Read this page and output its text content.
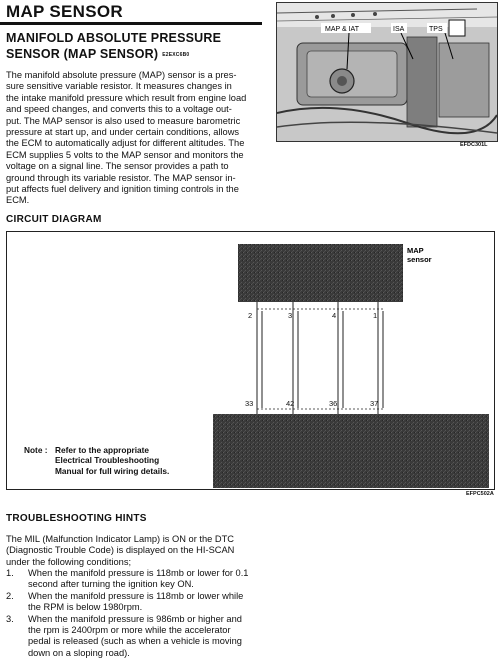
MAP SENSOR
MANIFOLD ABSOLUTE PRESSURE
SENSOR (MAP SENSOR) E2EXC6B0
The manifold absolute pressure (MAP) sensor is a pres-
sure sensitive variable resistor. It measures changes in
the intake manifold pressure which result from engine load
and speed changes, and converts this to a voltage out-
put. The MAP sensor is also used to measure barometric
pressure at start up, and under certain conditions, allows
the ECM to automatically adjust for different altitudes. The
ECM supplies 5 volts to the MAP sensor and monitors the
voltage on a signal line. The sensor provides a path to
ground through its variable resistor. The MAP sensor in-
put affects fuel delivery and ignition timing controls in the
ECM.
MAP & IAT	ISA	TPS
EFDC301L
CIRCUIT DIAGRAM
MAP
sensor
2	3	4	1
33	42	36	37
Note : Refer to the appropriate
Electrical Troubleshooting
Manual for full wiring details.
EFPC502A
TROUBLESHOOTING HINTS
The MIL (Malfunction Indicator Lamp) is ON or the DTC
(Diagnostic Trouble Code) is displayed on the HI-SCAN
under the following conditions;
1.	When the manifold pressure is 118mb or lower for 0.1
second after turning the ignition key ON.
2.	When the manifold pressure is 118mb or lower while
the RPM is below 1980rpm.
3.	When the manifold pressure is 986mb or higher and
the rpm is 2400rpm or more while the accelerator
pedal is released (such as when a vehicle is moving
down on a sloping road).
